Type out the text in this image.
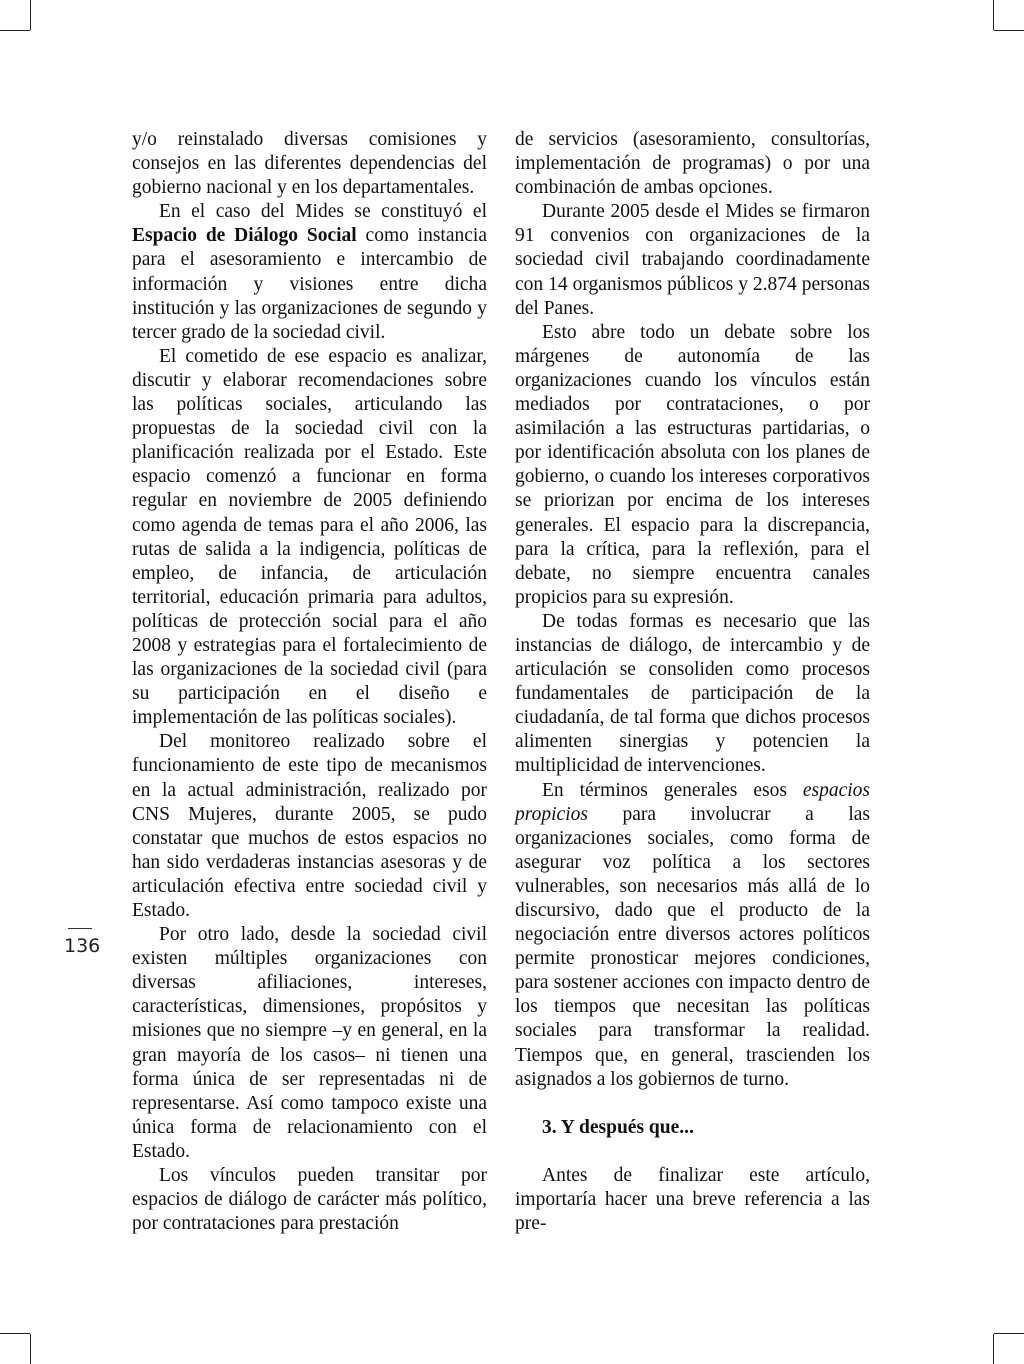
136

y/o reinstalado diversas comisiones y consejos en las diferentes dependencias del gobierno nacional y en los departamentales.

En el caso del Mides se constituyó el Espacio de Diálogo Social como instancia para el asesoramiento e intercambio de información y visiones entre dicha institución y las organizaciones de segundo y tercer grado de la sociedad civil.

El cometido de ese espacio es analizar, discutir y elaborar recomendaciones sobre las políticas sociales, articulando las propuestas de la sociedad civil con la planificación realizada por el Estado. Este espacio comenzó a funcionar en forma regular en noviembre de 2005 definiendo como agenda de temas para el año 2006, las rutas de salida a la indigencia, políticas de empleo, de infancia, de articulación territorial, educación primaria para adultos, políticas de protección social para el año 2008 y estrategias para el fortalecimiento de las organizaciones de la sociedad civil (para su participación en el diseño e implementación de las políticas sociales).

Del monitoreo realizado sobre el funcionamiento de este tipo de mecanismos en la actual administración, realizado por CNS Mujeres, durante 2005, se pudo constatar que muchos de estos espacios no han sido verdaderas instancias asesoras y de articulación efectiva entre sociedad civil y Estado.

Por otro lado, desde la sociedad civil existen múltiples organizaciones con diversas afiliaciones, intereses, características, dimensiones, propósitos y misiones que no siempre –y en general, en la gran mayoría de los casos– ni tienen una forma única de ser representadas ni de representarse. Así como tampoco existe una única forma de relacionamiento con el Estado.

Los vínculos pueden transitar por espacios de diálogo de carácter más político, por contrataciones para prestación

de servicios (asesoramiento, consultorías, implementación de programas) o por una combinación de ambas opciones.

Durante 2005 desde el Mides se firmaron 91 convenios con organizaciones de la sociedad civil trabajando coordinadamente con 14 organismos públicos y 2.874 personas del Panes.

Esto abre todo un debate sobre los márgenes de autonomía de las organizaciones cuando los vínculos están mediados por contrataciones, o por asimilación a las estructuras partidarias, o por identificación absoluta con los planes de gobierno, o cuando los intereses corporativos se priorizan por encima de los intereses generales. El espacio para la discrepancia, para la crítica, para la reflexión, para el debate, no siempre encuentra canales propicios para su expresión.

De todas formas es necesario que las instancias de diálogo, de intercambio y de articulación se consoliden como procesos fundamentales de participación de la ciudadanía, de tal forma que dichos procesos alimenten sinergias y potencien la multiplicidad de intervenciones.

En términos generales esos espacios propicios para involucrar a las organizaciones sociales, como forma de asegurar voz política a los sectores vulnerables, son necesarios más allá de lo discursivo, dado que el producto de la negociación entre diversos actores políticos permite pronosticar mejores condiciones, para sostener acciones con impacto dentro de los tiempos que necesitan las políticas sociales para transformar la realidad. Tiempos que, en general, trascienden los asignados a los gobiernos de turno.

3. Y después que...

Antes de finalizar este artículo, importaría hacer una breve referencia a las pre-
